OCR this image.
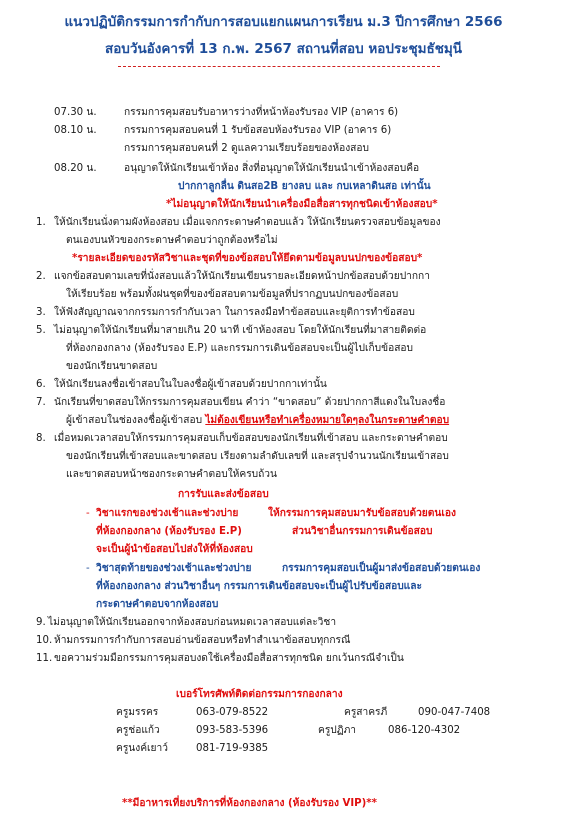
แนวปฏิบัติกรรมการกำกับการสอบแยกแผนการเรียน ม.3 ปีการศึกษา 2566
สอบวันอังคารที่ 13 ก.พ. 2567 สถานที่สอบ หอประชุมธัชมุนี
07.30 น.	กรรมการคุมสอบรับอาหารว่างที่หน้าห้องรับรอง VIP (อาคาร 6)
08.10 น.	กรรมการคุมสอบคนที่ 1 รับข้อสอบห้องรับรอง VIP (อาคาร 6)
กรรมการคุมสอบคนที่ 2 ดูแลความเรียบร้อยของห้องสอบ
08.20 น.	อนุญาตให้นักเรียนเข้าห้อง สิ่งที่อนุญาตให้นักเรียนนำเข้าห้องสอบคือ
ปากกาลูกลื่น ดินสอ2B ยางลบ และ กบเหลาดินสอ เท่านั้น
*ไม่อนุญาตให้นักเรียนนำเครื่องมือสื่อสารทุกชนิดเข้าห้องสอบ*
1. ให้นักเรียนนั่งตามผังห้องสอบ เมื่อแจกกระดาษคำตอบแล้ว ให้นักเรียนตรวจสอบข้อมูลของ
ตนเองบนหัวของกระดาษคำตอบว่าถูกต้องหรือไม่
*รายละเอียดของรหัสวิชาและชุดที่ของข้อสอบให้ยึดตามข้อมูลบนปกของข้อสอบ*
2. แจกข้อสอบตามเลขที่นั่งสอบแล้วให้นักเรียนเขียนรายละเอียดหน้าปกข้อสอบด้วยปากกา
ให้เรียบร้อย พร้อมทั้งฝนชุดที่ของข้อสอบตามข้อมูลที่ปรากฏบนปกของข้อสอบ
3. ให้ฟังสัญญาณจากกรรมการกำกับเวลา ในการลงมือทำข้อสอบและยุติการทำข้อสอบ
5. ไม่อนุญาตให้นักเรียนที่มาสายเกิน 20 นาที เข้าห้องสอบ โดยให้นักเรียนที่มาสายติดต่อ
ที่ห้องกองกลาง (ห้องรับรอง E.P) และกรรมการเดินข้อสอบจะเป็นผู้ไปเก็บข้อสอบ
ของนักเรียนขาดสอบ
6. ให้นักเรียนลงชื่อเข้าสอบในใบลงชื่อผู้เข้าสอบด้วยปากกาเท่านั้น
7. นักเรียนที่ขาดสอบให้กรรมการคุมสอบเขียน คำว่า “ขาดสอบ” ด้วยปากกาสีแดงในใบลงชื่อ
ผู้เข้าสอบในช่องลงชื่อผู้เข้าสอบ ไม่ต้องเขียนหรือทำเครื่องหมายใดๆลงในกระดาษคำตอบ
8. เมื่อหมดเวลาสอบให้กรรมการคุมสอบเก็บข้อสอบของนักเรียนที่เข้าสอบ และกระดาษคำตอบ
ของนักเรียนที่เข้าสอบและขาดสอบ เรียงตามลำดับเลขที่ และสรุปจำนวนนักเรียนเข้าสอบ
และขาดสอบหน้าซองกระดาษคำตอบให้ครบถ้วน
การรับและส่งข้อสอบ
- วิชาแรกของช่วงเช้าและช่วงบ่าย	ให้กรรมการคุมสอบมารับข้อสอบด้วยตนเอง
ที่ห้องกองกลาง (ห้องรับรอง E.P)	ส่วนวิชาอื่นกรรมการเดินข้อสอบ
จะเป็นผู้นำข้อสอบไปส่งให้ที่ห้องสอบ
- วิชาสุดท้ายของช่วงเช้าและช่วงบ่าย	กรรมการคุมสอบเป็นผู้มาส่งข้อสอบด้วยตนเอง
ที่ห้องกองกลาง ส่วนวิชาอื่นๆ กรรมการเดินข้อสอบจะเป็นผู้ไปรับข้อสอบและ
กระดาษคำตอบจากห้องสอบ
9. ไม่อนุญาตให้นักเรียนออกจากห้องสอบก่อนหมดเวลาสอบแต่ละวิชา
10. ห้ามกรรมการกำกับการสอบอ่านข้อสอบหรือทำสำเนาข้อสอบทุกกรณี
11. ขอความร่วมมือกรรมการคุมสอบงดใช้เครื่องมือสื่อสารทุกชนิด ยกเว้นกรณีจำเป็น
เบอร์โทรศัพท์ติดต่อกรรมการกองกลาง
ครูมรรคร	063-079-8522	ครูสาครภี	090-047-7408
ครูช่อแก้ว	093-583-5396	ครูปฏิภา	086-120-4302
ครูนงค์เยาว์	081-719-9385
**มีอาหารเที่ยงบริการที่ห้องกองกลาง (ห้องรับรอง VIP)**
